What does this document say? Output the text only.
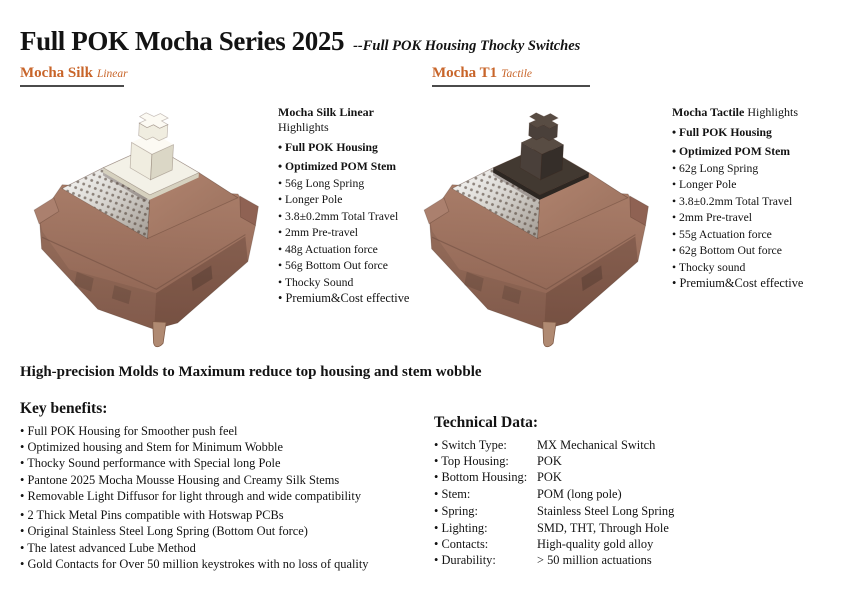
Full POK Mocha Series 2025 --Full POK Housing Thocky Switches
Mocha Silk Linear	Mocha T1 Tactile

Mocha Silk Linear Highlights

• Full POK Housing
• Optimized POM Stem
• 56g Long Spring
• Longer Pole
• 3.8±0.2mm Total Travel
• 2mm Pre-travel
• 48g Actuation force
• 56g Bottom Out force
• Thocky Sound
• Premium&Cost effective

Mocha Tactile Highlights

• Full POK Housing
• Optimized POM Stem
• 62g Long Spring
• Longer Pole
• 3.8±0.2mm Total Travel
• 2mm Pre-travel
• 55g Actuation force
• 62g Bottom Out force
• Thocky sound
• Premium&Cost effective
High-precision Molds to Maximum reduce top housing and stem wobble
Key benefits:
• Full POK Housing for Smoother push feel
• Optimized housing and Stem for Minimum Wobble
• Thocky Sound performance with Special long Pole
• Pantone 2025 Mocha Mousse Housing and Creamy Silk Stems
• Removable Light Diffusor for light through and wide compatibility
• 2 Thick Metal Pins compatible with Hotswap PCBs
• Original Stainless Steel Long Spring (Bottom Out force)
• The latest advanced Lube Method
• Gold Contacts for Over 50 million keystrokes with no loss of quality
Technical Data:
• Switch Type:	MX Mechanical Switch
• Top Housing:	POK
• Bottom Housing: POK
• Stem:	POM (long pole)
• Spring:	Stainless Steel Long Spring
• Lighting:	SMD, THT, Through Hole
• Contacts:	High-quality gold alloy
• Durability:	> 50 million actuations
